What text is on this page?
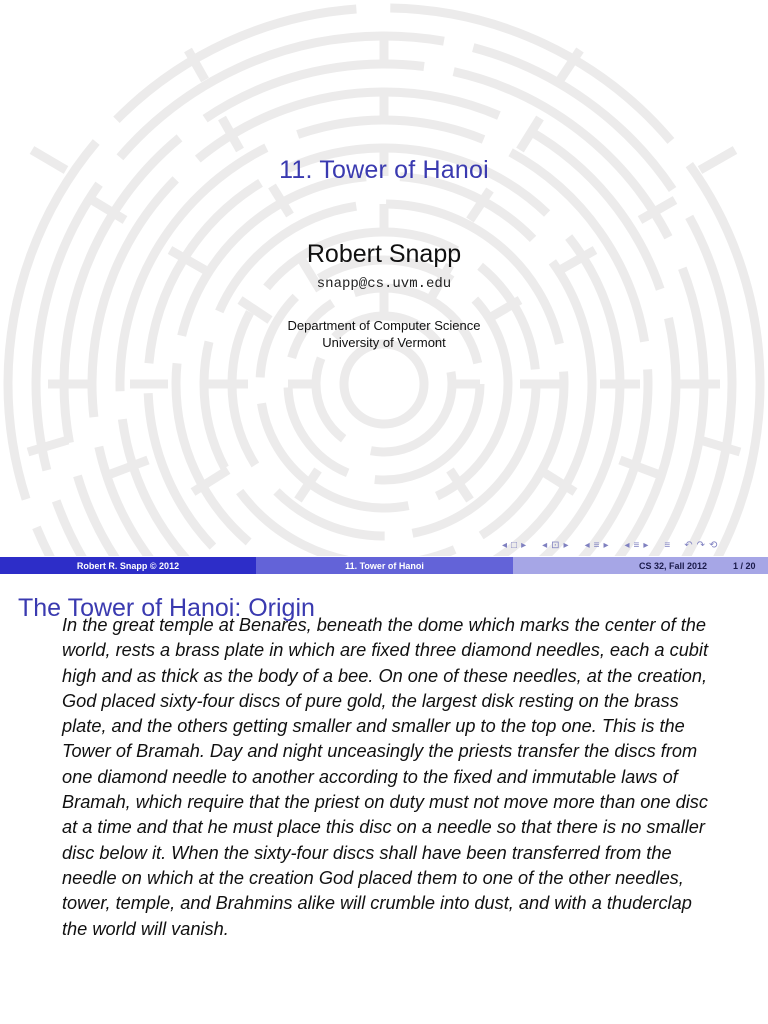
11. Tower of Hanoi
Robert Snapp
snapp@cs.uvm.edu
Department of Computer Science
University of Vermont
◂ □ ▸	◂ ⊡ ▸	◂ ≡ ▸	◂ ≡ ▸	≡	↶ ↷ ⟲
Robert R. Snapp © 2012	11. Tower of Hanoi	CS 32, Fall 2012	1 / 20
The Tower of Hanoi: Origin

In the great temple at Benares, beneath the dome which marks the center of the world, rests a brass plate in which are fixed three diamond needles, each a cubit high and as thick as the body of a bee. On one of these needles, at the creation, God placed sixty-four discs of pure gold, the largest disk resting on the brass plate, and the others getting smaller and smaller up to the top one. This is the Tower of Bramah. Day and night unceasingly the priests transfer the discs from one diamond needle to another according to the fixed and immutable laws of Bramah, which require that the priest on duty must not move more than one disc at a time and that he must place this disc on a needle so that there is no smaller disc below it. When the sixty-four discs shall have been transferred from the needle on which at the creation God placed them to one of the other needles, tower, temple, and Brahmins alike will crumble into dust, and with a thuderclap the world will vanish.
